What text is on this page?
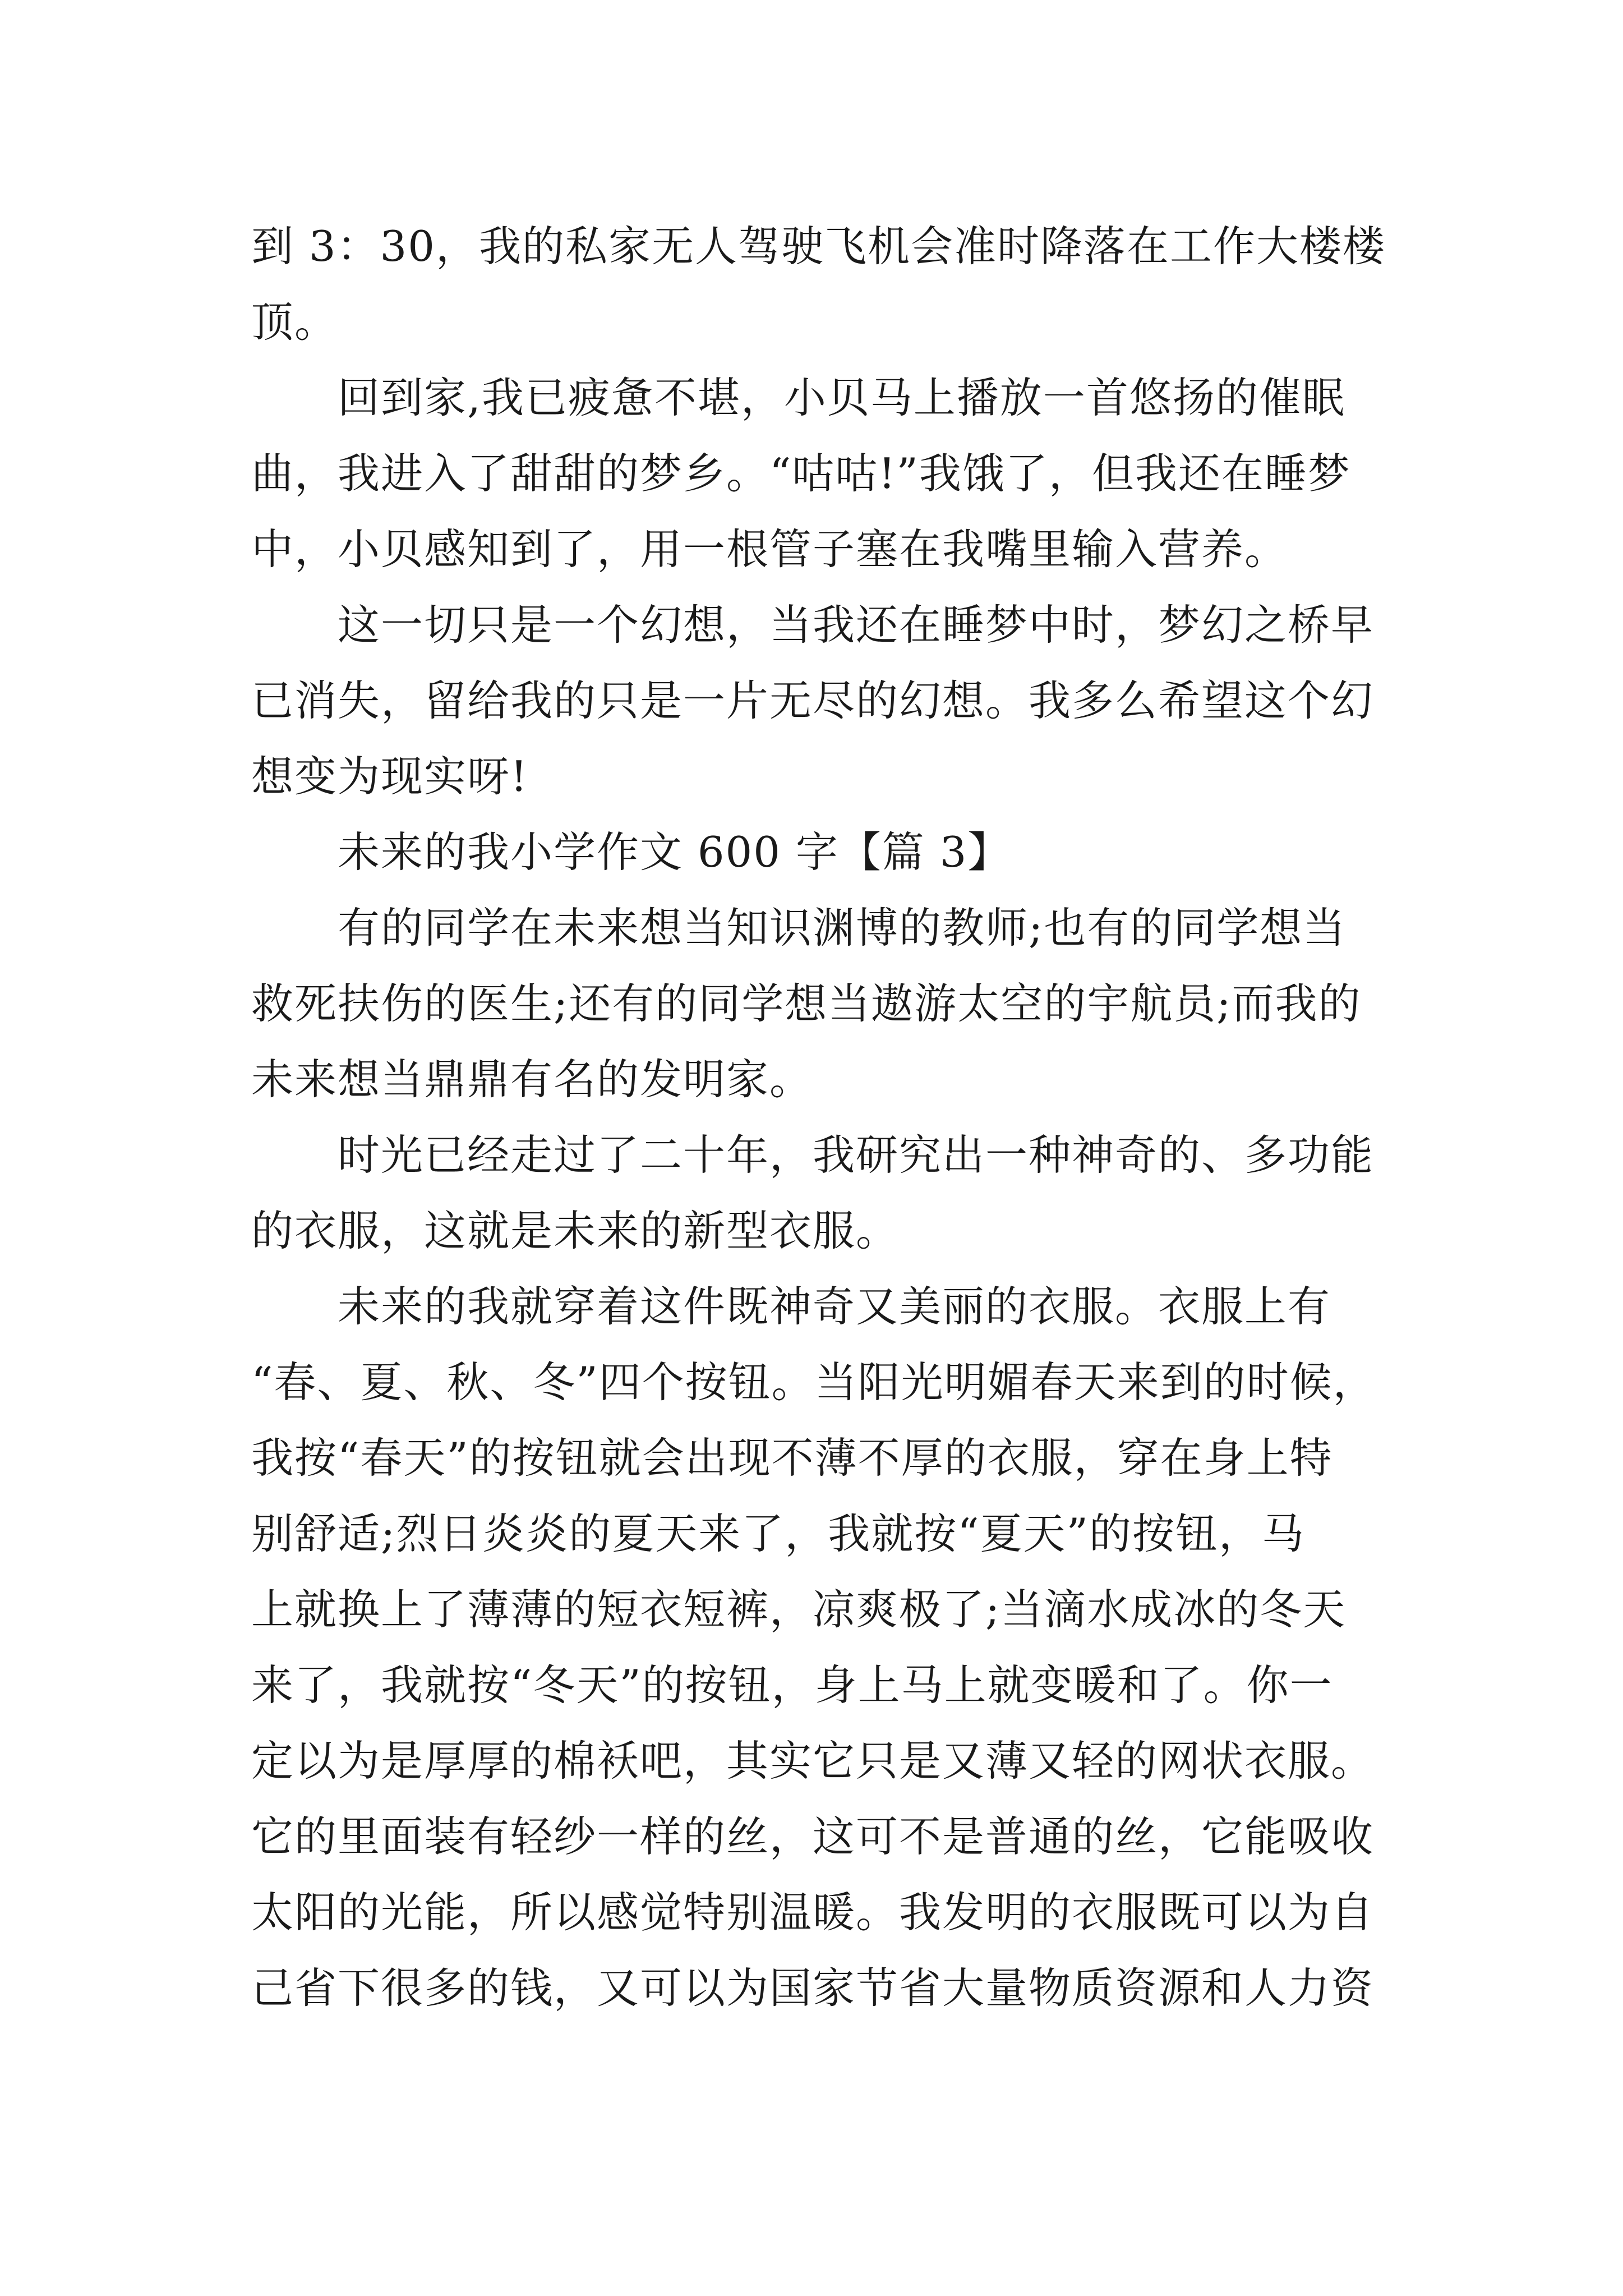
到 3：30，我的私家无人驾驶飞机会准时降落在工作大楼楼
顶。
回到家,我已疲惫不堪，小贝马上播放一首悠扬的催眠
曲，我进入了甜甜的梦乡。“咕咕!”我饿了，但我还在睡梦
中，小贝感知到了，用一根管子塞在我嘴里输入营养。
这一切只是一个幻想，当我还在睡梦中时，梦幻之桥早
已消失，留给我的只是一片无尽的幻想。我多么希望这个幻
想变为现实呀!
未来的我小学作文 600 字【篇 3】
有的同学在未来想当知识渊博的教师;也有的同学想当
救死扶伤的医生;还有的同学想当遨游太空的宇航员;而我的
未来想当鼎鼎有名的发明家。
时光已经走过了二十年，我研究出一种神奇的、多功能
的衣服，这就是未来的新型衣服。
未来的我就穿着这件既神奇又美丽的衣服。衣服上有
“春、夏、秋、冬”四个按钮。当阳光明媚春天来到的时候，
我按“春天”的按钮就会出现不薄不厚的衣服，穿在身上特
别舒适;烈日炎炎的夏天来了，我就按“夏天”的按钮，马
上就换上了薄薄的短衣短裤，凉爽极了;当滴水成冰的冬天
来了，我就按“冬天”的按钮，身上马上就变暖和了。你一
定以为是厚厚的棉袄吧，其实它只是又薄又轻的网状衣服。
它的里面装有轻纱一样的丝，这可不是普通的丝，它能吸收
太阳的光能，所以感觉特别温暖。我发明的衣服既可以为自
己省下很多的钱，又可以为国家节省大量物质资源和人力资
